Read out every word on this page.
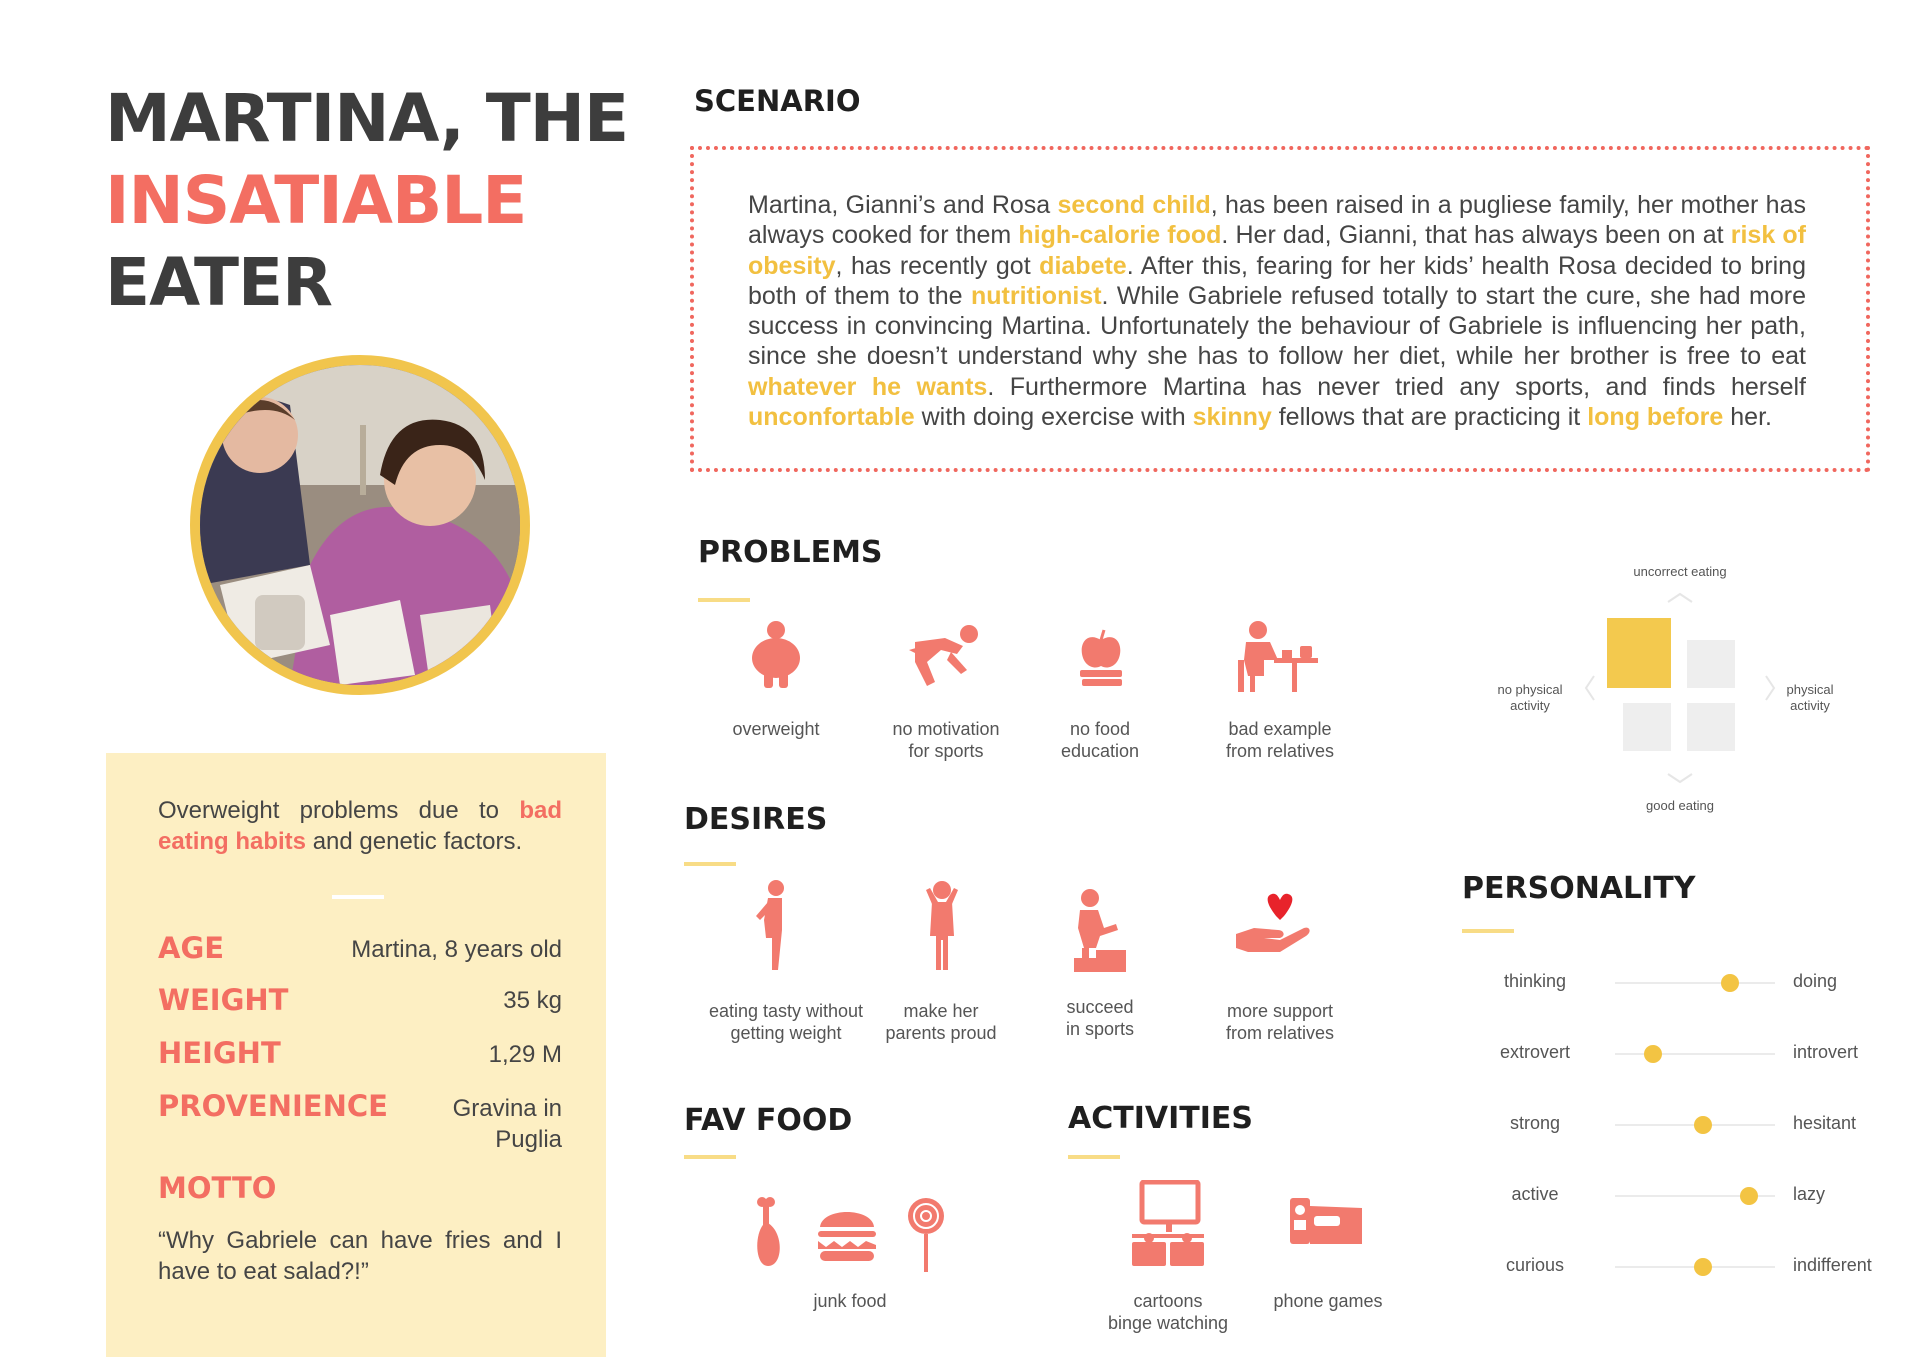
MARTINA, THE
INSATIABLE
EATER
Overweight problems due to bad eating habits and genetic factors.
AGE	Martina, 8 years old
WEIGHT	35 kg
HEIGHT	1,29 M
PROVENIENCE	Gravina in
Puglia
MOTTO
“Why Gabriele can have fries and I have to eat salad?!”
SCENARIO
Martina, Gianni’s and Rosa second child, has been raised in a pugliese family, her mother has always cooked for them high-calorie food. Her dad, Gianni, that has always been on at risk of obesity, has recently got diabete. After this, fearing for her kids’ health Rosa decided to bring both of them to the nutritionist. While Gabriele refused totally to start the cure, she had more success in convincing Martina. Unfortunately the behaviour of Gabriele is influencing her path, since she doesn’t understand why she has to follow her diet, while her brother is free to eat whatever he wants. Furthermore Martina has never tried any sports, and finds herself unconfortable with doing exercise with skinny fellows that are practicing it long before her.
PROBLEMS
overweight	no motivation
for sports
no food
education
bad example
from relatives
uncorrect eating
good eating
no physical
activity
physical
activity
DESIRES
eating tasty without
getting weight
make her
parents proud
succeed
in sports
more support
from relatives
FAV FOOD
junk food
ACTIVITIES
cartoons
binge watching
phone games
PERSONALITY
thinking	doing
extrovert	introvert
strong	hesitant
active	lazy
curious	indifferent
